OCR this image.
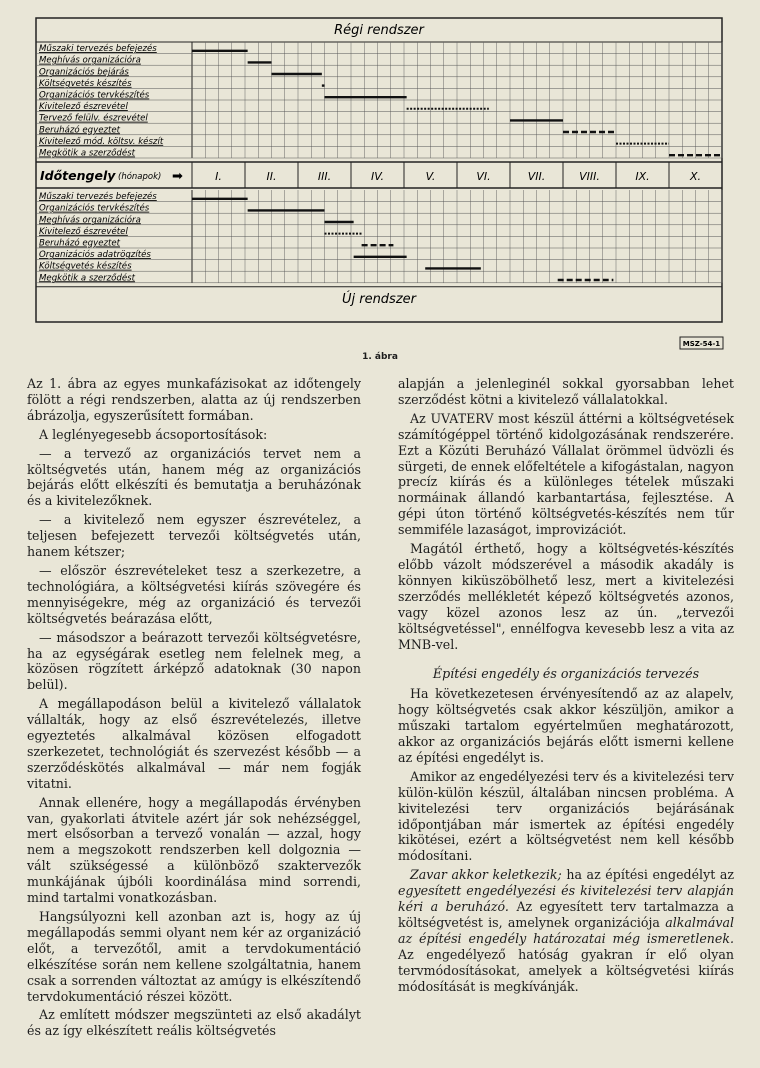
Régi rendszer
Műszaki tervezés befejezés
Meghívás organizációra
Organizációs bejárás
Költségvetés készítés
Organizációs tervkészítés
Kivitelező észrevétel
Tervező felülv. észrevétel
Beruházó egyeztet
Kivitelező mód. költsv. készít
Megkötik a szerződést
Időtengely (hónapok) ➡	I.	II.	III.	IV.	V.	VI.	VII.	VIII.	IX.	X.
Műszaki tervezés befejezés
Organizációs tervkészítés
Meghívás organizációra
Kivitelező észrevétel
Beruházó egyeztet
Organizációs adatrögzítés
Költségvetés készítés
Megkötik a szerződést
Új rendszer
MSZ-54-1
1. ábra

Az 1. ábra az egyes munkafázisokat az időtengely fölött a régi rendszerben, alatta az új rendszerben ábrázolja, egyszerűsített formában.

A leglényegesebb ácsoportosítások:

— a tervező az organizációs tervet nem a költségvetés után, hanem még az organizációs bejárás előtt elkészíti és bemutatja a beruházónak és a kivitelezőknek.

— a kivitelező nem egyszer észrevételez, a teljesen befejezett tervezői költségvetés után, hanem kétszer;

— először észrevételeket tesz a szerkezetre, a technológiára, a költségvetési kiírás szövegére és mennyiségekre, még az organizáció és tervezői költségvetés beárazása előtt,

— másodszor a beárazott tervezői költségvetésre, ha az egységárak esetleg nem felelnek meg, a közösen rögzített árképző adatoknak (30 napon belül).

A megállapodáson belül a kivitelező vállalatok vállalták, hogy az első észrevételezés, illetve egyeztetés alkalmával közösen elfogadott szerkezetet, technológiát és szervezést később — a szerződéskötés alkalmával — már nem fogják vitatni.

Annak ellenére, hogy a megállapodás érvényben van, gyakorlati átvitele azért jár sok nehézséggel, mert elsősorban a tervező vonalán — azzal, hogy nem a megszokott rendszerben kell dolgoznia — vált szükségessé a különböző szaktervezők munkájának újbóli koordinálása mind sorrendi, mind tartalmi vonatkozásban.

Hangsúlyozni kell azonban azt is, hogy az új megállapodás semmi olyant nem kér az organizáció előt, a tervezőtől, amit a tervdokumentáció elkészítése során nem kellene szolgáltatnia, hanem csak a sorrenden változtat az amúgy is elkészítendő tervdokumentáció részei között.

Az említett módszer megszünteti az első akadályt és az így elkészített reális költségvetés

alapján a jelenleginél sokkal gyorsabban lehet szerződést kötni a kivitelező vállalatokkal.

Az UVATERV most készül áttérni a költségvetések számítógéppel történő kidolgozásának rendszerére. Ezt a Közúti Beruházó Vállalat örömmel üdvözli és sürgeti, de ennek előfeltétele a kifogástalan, nagyon precíz kiírás és a különleges tételek műszaki normáinak állandó karbantartása, fejlesztése. A gépi úton történő költségvetés-készítés nem tűr semmiféle lazaságot, improvizációt.

Magától érthető, hogy a költségvetés-készítés előbb vázolt módszerével a második akadály is könnyen kiküszöbölhető lesz, mert a kivitelezési szerződés mellékletét képező költségvetés azonos, vagy közel azonos lesz az ún. „tervezői költségvetéssel", ennélfogva kevesebb lesz a vita az MNB-vel.

Építési engedély és organizációs tervezés

Ha következetesen érvényesítendő az az alapelv, hogy költségvetés csak akkor készüljön, amikor a műszaki tartalom egyértelműen meghatározott, akkor az organizációs bejárás előtt ismerni kellene az építési engedélyt is.

Amikor az engedélyezési terv és a kivitelezési terv külön-külön készül, általában nincsen probléma. A kivitelezési terv organizációs bejárásának időpontjában már ismertek az építési engedély kikötései, ezért a költségvetést nem kell később módosítani.

Zavar akkor keletkezik; ha az építési engedélyt az egyesített engedélyezési és kivitelezési terv alapján kéri a beruházó. Az egyesített terv tartalmazza a költségvetést is, amelynek organizációja alkalmával az építési engedély határozatai még ismeretlenek. Az engedélyező hatóság gyakran ír elő olyan tervmódosításokat, amelyek a költségvetési kiírás módosítását is megkívánják.
